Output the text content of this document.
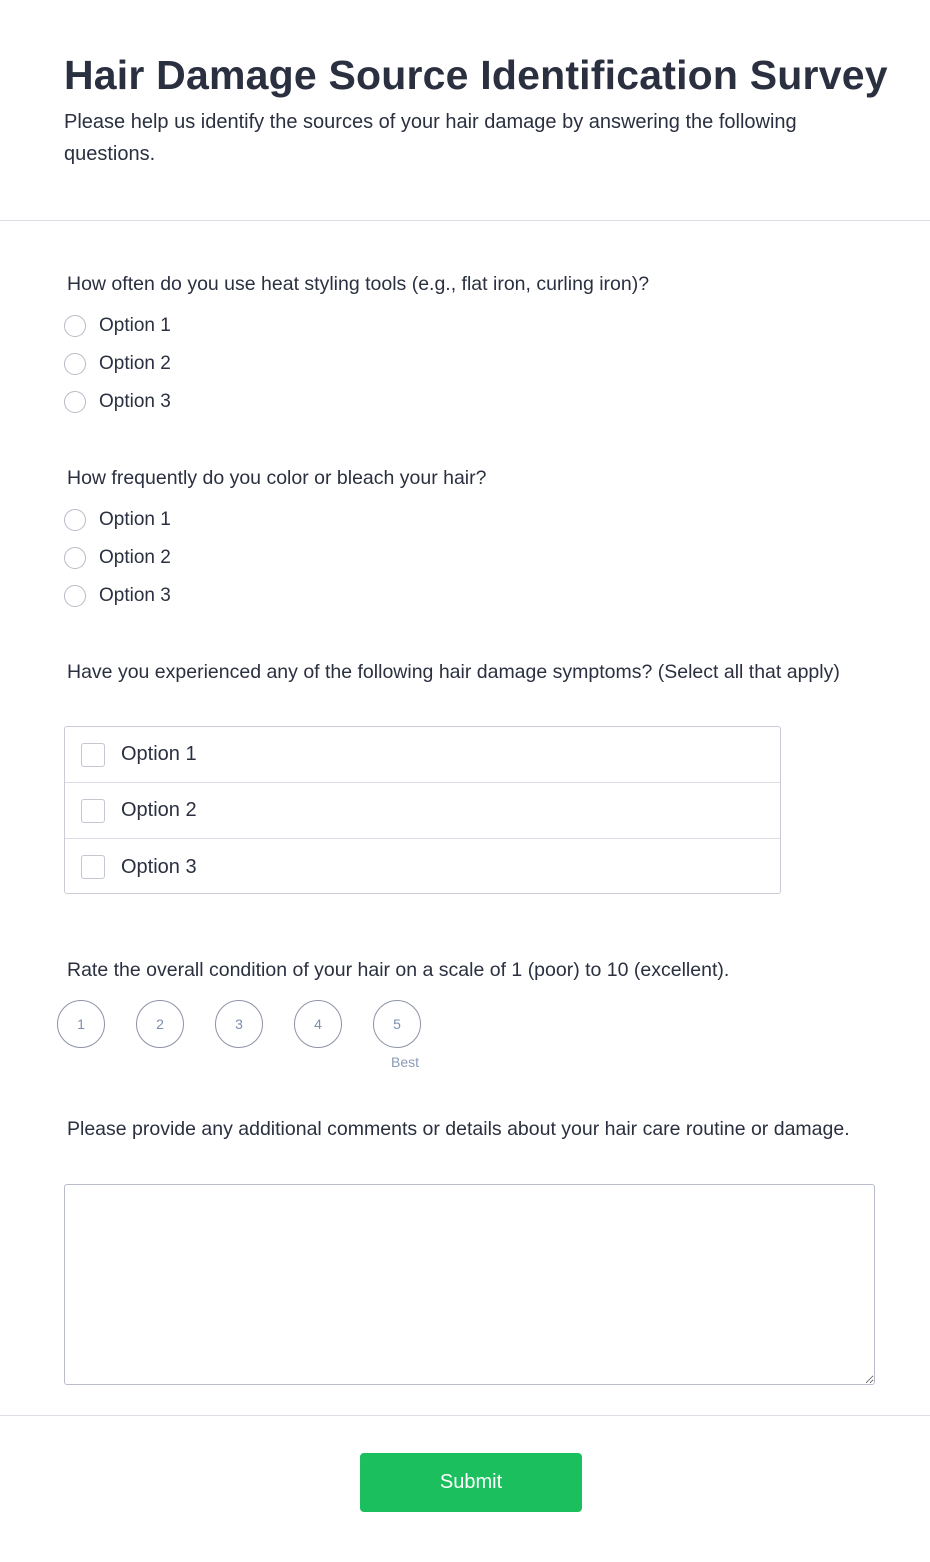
Hair Damage Source Identification Survey

Please help us identify the sources of your hair damage by answering the following questions.

How often do you use heat styling tools (e.g., flat iron, curling iron)?
Option 1
Option 2
Option 3
How frequently do you color or bleach your hair?
Option 1
Option 2
Option 3
Have you experienced any of the following hair damage symptoms? (Select all that apply)
Option 1
Option 2
Option 3
Rate the overall condition of your hair on a scale of 1 (poor) to 10 (excellent).
1	2	3	4	5
Best
Please provide any additional comments or details about your hair care routine or damage.
Submit
